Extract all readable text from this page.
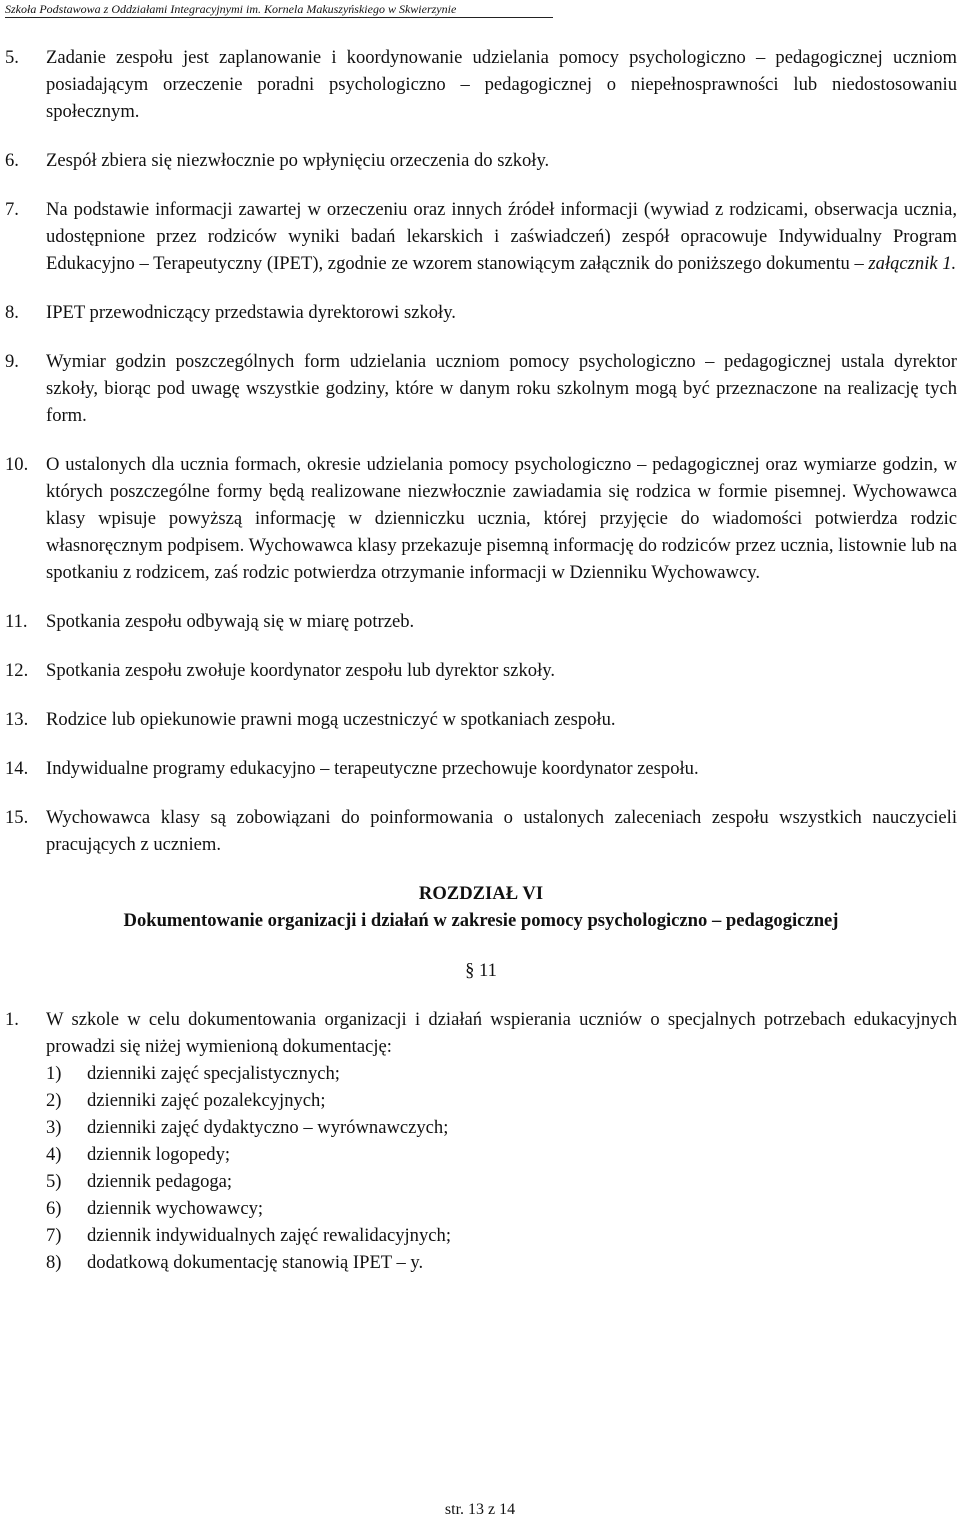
Szkoła Podstawowa z Oddziałami Integracyjnymi im. Kornela Makuszyńskiego w Skwierzynie

5. Zadanie zespołu jest zaplanowanie i koordynowanie udzielania pomocy psychologiczno – pedagogicznej uczniom posiadającym orzeczenie poradni psychologiczno – pedagogicznej o niepełnosprawności lub niedostosowaniu społecznym.

6. Zespół zbiera się niezwłocznie po wpłynięciu orzeczenia do szkoły.

7. Na podstawie informacji zawartej w orzeczeniu oraz innych źródeł informacji (wywiad z rodzicami, obserwacja ucznia, udostępnione przez rodziców wyniki badań lekarskich i zaświadczeń) zespół opracowuje Indywidualny Program Edukacyjno – Terapeutyczny (IPET), zgodnie ze wzorem stanowiącym załącznik do poniższego dokumentu – załącznik 1.

8. IPET przewodniczący przedstawia dyrektorowi szkoły.

9. Wymiar godzin poszczególnych form udzielania uczniom pomocy psychologiczno – pedagogicznej ustala dyrektor szkoły, biorąc pod uwagę wszystkie godziny, które w danym roku szkolnym mogą być przeznaczone na realizację tych form.

10. O ustalonych dla ucznia formach, okresie udzielania pomocy psychologiczno – pedagogicznej oraz wymiarze godzin, w których poszczególne formy będą realizowane niezwłocznie zawiadamia się rodzica w formie pisemnej. Wychowawca klasy wpisuje powyższą informację w dzienniczku ucznia, której przyjęcie do wiadomości potwierdza rodzic własnoręcznym podpisem. Wychowawca klasy przekazuje pisemną informację do rodziców przez ucznia, listownie lub na spotkaniu z rodzicem, zaś rodzic potwierdza otrzymanie informacji w Dzienniku Wychowawcy.

11. Spotkania zespołu odbywają się w miarę potrzeb.

12. Spotkania zespołu zwołuje koordynator zespołu lub dyrektor szkoły.

13. Rodzice lub opiekunowie prawni mogą uczestniczyć w spotkaniach zespołu.

14. Indywidualne programy edukacyjno – terapeutyczne przechowuje koordynator zespołu.

15. Wychowawca klasy są zobowiązani do poinformowania o ustalonych zaleceniach zespołu wszystkich nauczycieli pracujących z uczniem.

ROZDZIAŁ VI

Dokumentowanie organizacji i działań w zakresie pomocy psychologiczno – pedagogicznej

§ 11

1. W szkole w celu dokumentowania organizacji i działań wspierania uczniów o specjalnych potrzebach edukacyjnych prowadzi się niżej wymienioną dokumentację:

1) dzienniki zajęć specjalistycznych;
2) dzienniki zajęć pozalekcyjnych;
3) dzienniki zajęć dydaktyczno – wyrównawczych;
4) dziennik logopedy;
5) dziennik pedagoga;
6) dziennik wychowawcy;
7) dziennik indywidualnych zajęć rewalidacyjnych;
8) dodatkową dokumentację stanowią IPET – y.
str. 13 z 14
